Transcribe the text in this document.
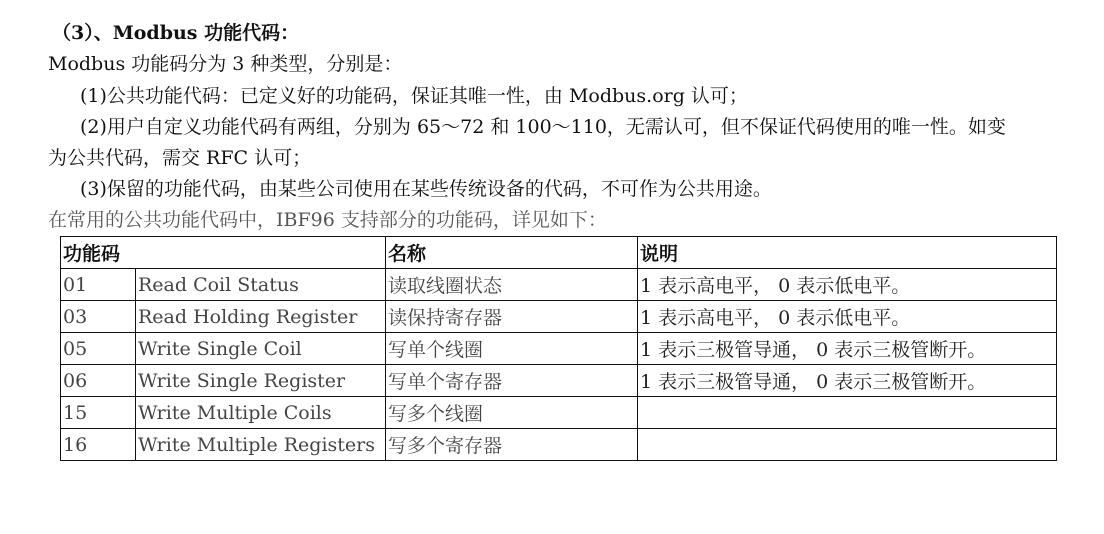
（3）、Modbus 功能代码：
Modbus 功能码分为 3 种类型，分别是：
(1)公共功能代码：已定义好的功能码，保证其唯一性，由 Modbus.org 认可；
(2)用户自定义功能代码有两组，分别为 65～72 和 100～110，无需认可，但不保证代码使用的唯一性。如变
为公共代码，需交 RFC 认可；
(3)保留的功能代码，由某些公司使用在某些传统设备的代码，不可作为公共用途。
在常用的公共功能代码中，IBF96 支持部分的功能码，详见如下：
功能码		名称	说明
01	Read Coil Status	读取线圈状态	1 表示高电平， 0 表示低电平。
03	Read Holding Register	读保持寄存器	1 表示高电平， 0 表示低电平。
05	Write Single Coil	写单个线圈	1 表示三极管导通， 0 表示三极管断开。
06	Write Single Register	写单个寄存器	1 表示三极管导通， 0 表示三极管断开。
15	Write Multiple Coils	写多个线圈	
16	Write Multiple Registers	写多个寄存器	
